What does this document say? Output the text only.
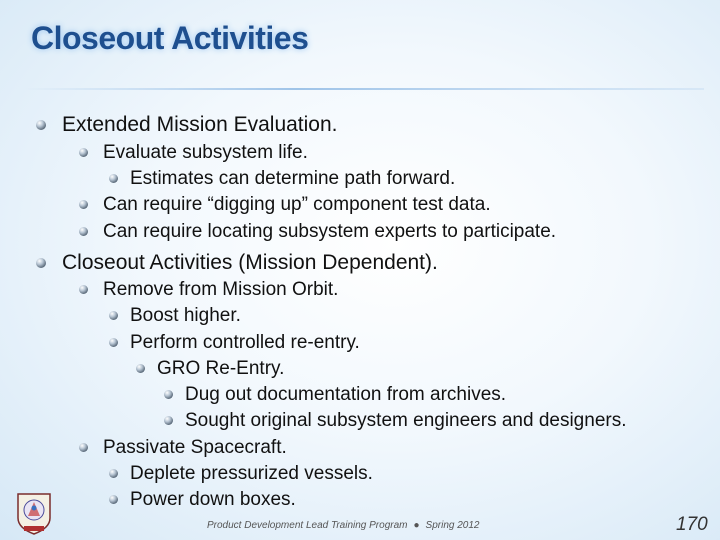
Closeout Activities
Extended Mission Evaluation.
Evaluate subsystem life.
Estimates can determine path forward.
Can require “digging up” component test data.
Can require locating subsystem experts to participate.
Closeout Activities (Mission Dependent).
Remove from Mission Orbit.
Boost higher.
Perform controlled re-entry.
GRO Re-Entry.
Dug out documentation from archives.
Sought original subsystem engineers and designers.
Passivate Spacecraft.
Deplete pressurized vessels.
Power down boxes.
Product Development Lead Training Program ● Spring 2012	170
